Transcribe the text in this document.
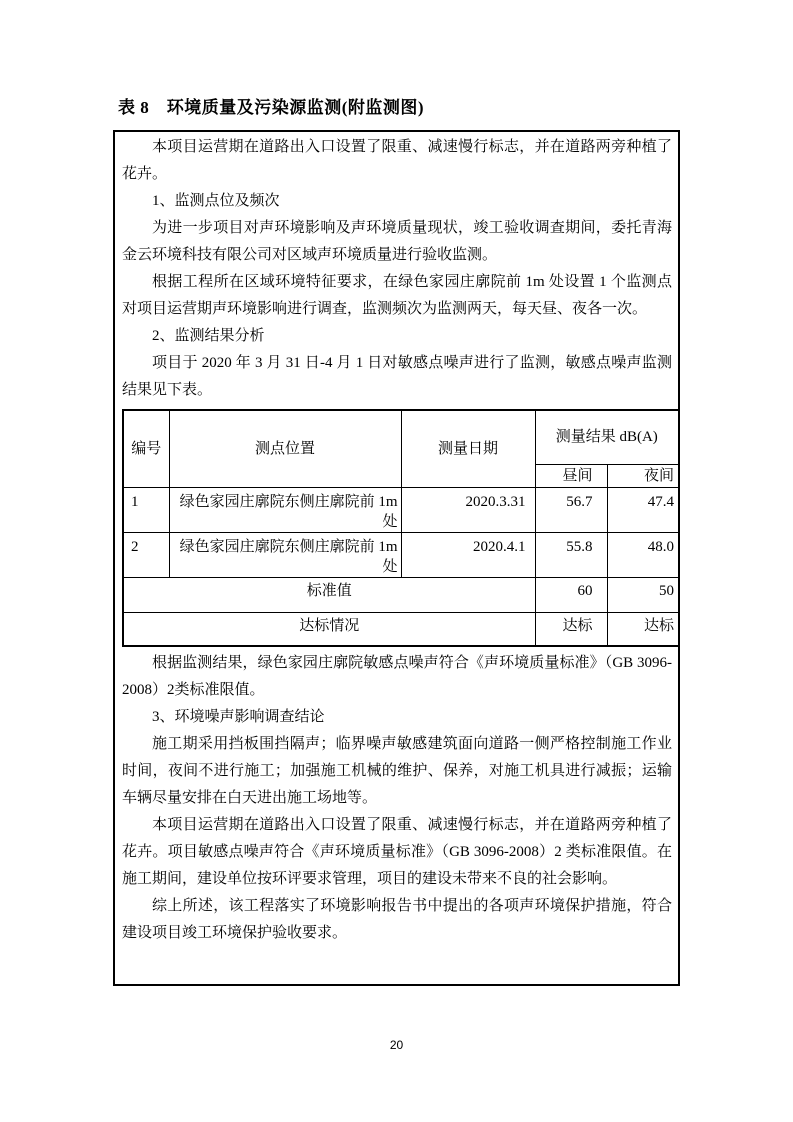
表 8　环境质量及污染源监测(附监测图)

本项目运营期在道路出入口设置了限重、减速慢行标志，并在道路两旁种植了花卉。

1、监测点位及频次

为进一步项目对声环境影响及声环境质量现状，竣工验收调查期间，委托青海金云环境科技有限公司对区域声环境质量进行验收监测。

根据工程所在区域环境特征要求，在绿色家园庄廓院前 1m 处设置 1 个监测点对项目运营期声环境影响进行调查，监测频次为监测两天，每天昼、夜各一次。

2、监测结果分析

项目于 2020 年 3 月 31 日-4 月 1 日对敏感点噪声进行了监测，敏感点噪声监测结果见下表。

编号	测点位置	测量日期	测量结果 dB(A)	
			昼间	夜间
1	绿色家园庄廓院东侧庄廓院前 1m 处	2020.3.31	56.7	47.4
2	绿色家园庄廓院东侧庄廓院前 1m 处	2020.4.1	55.8	48.0
标准值			60	50
达标情况			达标	达标

根据监测结果，绿色家园庄廓院敏感点噪声符合《声环境质量标准》（GB 3096-2008）2类标准限值。

3、环境噪声影响调查结论

施工期采用挡板围挡隔声；临界噪声敏感建筑面向道路一侧严格控制施工作业时间，夜间不进行施工；加强施工机械的维护、保养，对施工机具进行减振；运输车辆尽量安排在白天进出施工场地等。

本项目运营期在道路出入口设置了限重、减速慢行标志，并在道路两旁种植了花卉。项目敏感点噪声符合《声环境质量标准》（GB 3096-2008）2 类标准限值。在施工期间，建设单位按环评要求管理，项目的建设未带来不良的社会影响。

综上所述，该工程落实了环境影响报告书中提出的各项声环境保护措施，符合建设项目竣工环境保护验收要求。

20
